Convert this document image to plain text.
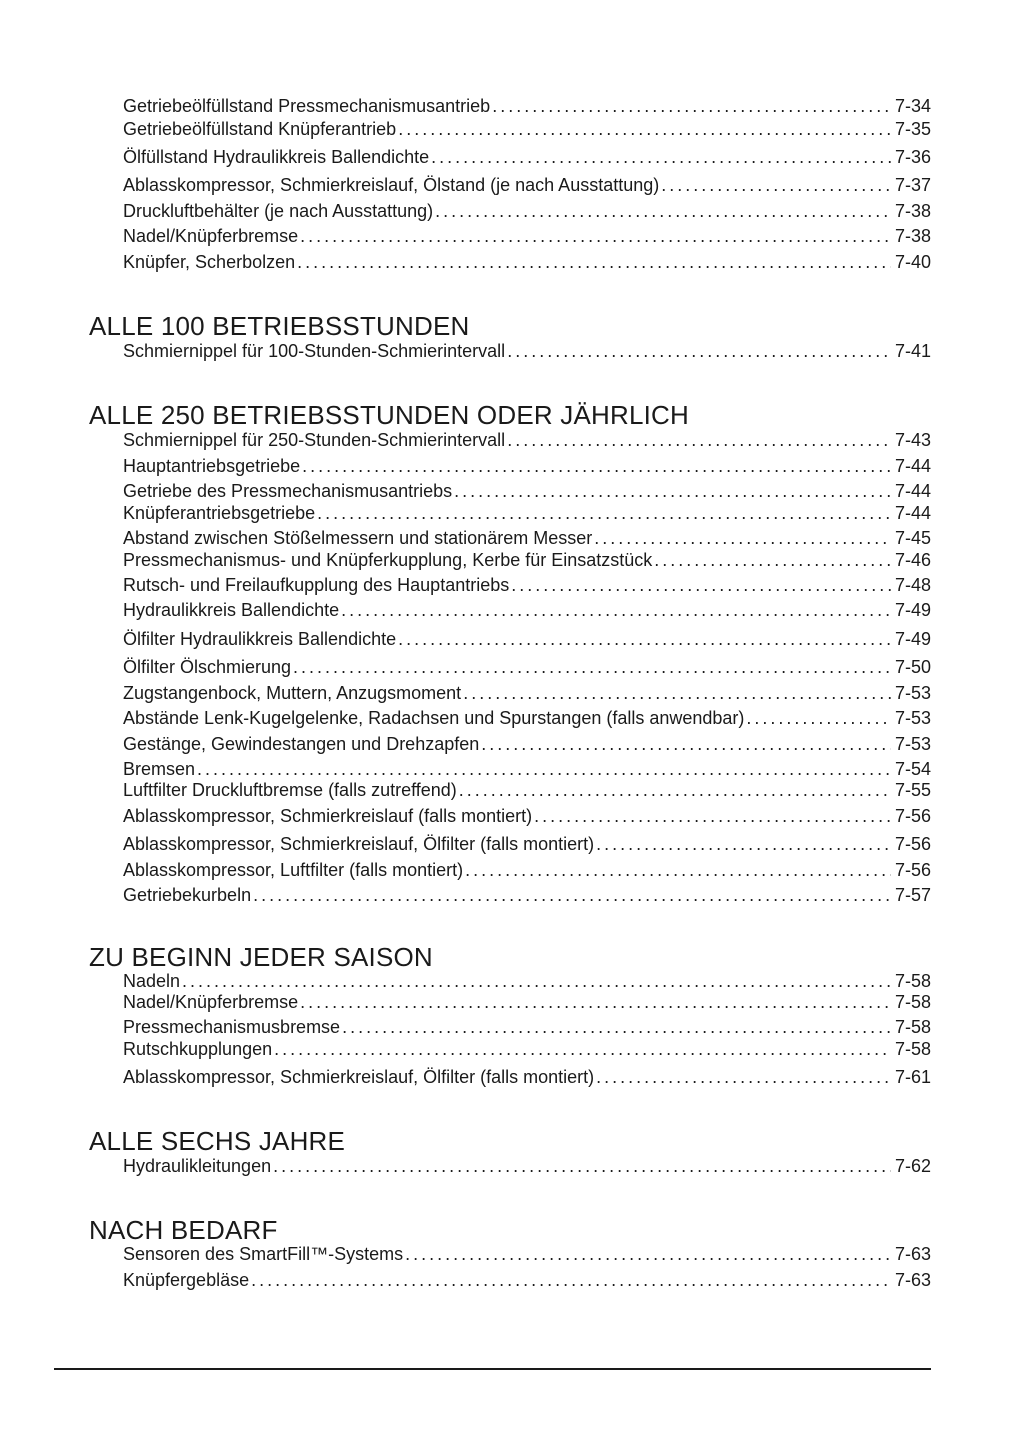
Getriebeölfüllstand Pressmechanismusantrieb .....	7-34
Getriebeölfüllstand Knüpferantrieb .....	7-35
Ölfüllstand Hydraulikkreis Ballendichte .....	7-36
Ablasskompressor, Schmierkreislauf, Ölstand (je nach Ausstattung) .....	7-37
Druckluftbehälter (je nach Ausstattung) .....	7-38
Nadel/Knüpferbremse .....	7-38
Knüpfer, Scherbolzen .....	7-40
ALLE 100 BETRIEBSSTUNDEN
Schmiernippel für 100-Stunden-Schmierintervall .....	7-41
ALLE 250 BETRIEBSSTUNDEN ODER JÄHRLICH
Schmiernippel für 250-Stunden-Schmierintervall .....	7-43
Hauptantriebsgetriebe .....	7-44
Getriebe des Pressmechanismusantriebs .....	7-44
Knüpferantriebsgetriebe .....	7-44
Abstand zwischen Stößelmessern und stationärem Messer .....	7-45
Pressmechanismus- und Knüpferkupplung, Kerbe für Einsatzstück .....	7-46
Rutsch- und Freilaufkupplung des Hauptantriebs .....	7-48
Hydraulikkreis Ballendichte .....	7-49
Ölfilter Hydraulikkreis Ballendichte .....	7-49
Ölfilter Ölschmierung .....	7-50
Zugstangenbock, Muttern, Anzugsmoment .....	7-53
Abstände Lenk-Kugelgelenke, Radachsen und Spurstangen (falls anwendbar) .....	7-53
Gestänge, Gewindestangen und Drehzapfen .....	7-53
Bremsen .....	7-54
Luftfilter Druckluftbremse (falls zutreffend) .....	7-55
Ablasskompressor, Schmierkreislauf (falls montiert) .....	7-56
Ablasskompressor, Schmierkreislauf, Ölfilter (falls montiert) .....	7-56
Ablasskompressor, Luftfilter (falls montiert) .....	7-56
Getriebekurbeln .....	7-57
ZU BEGINN JEDER SAISON
Nadeln .....	7-58
Nadel/Knüpferbremse .....	7-58
Pressmechanismusbremse .....	7-58
Rutschkupplungen .....	7-58
Ablasskompressor, Schmierkreislauf, Ölfilter (falls montiert) .....	7-61
ALLE SECHS JAHRE
Hydraulikleitungen .....	7-62
NACH BEDARF
Sensoren des SmartFill™-Systems .....	7-63
Knüpfergebläse .....	7-63
